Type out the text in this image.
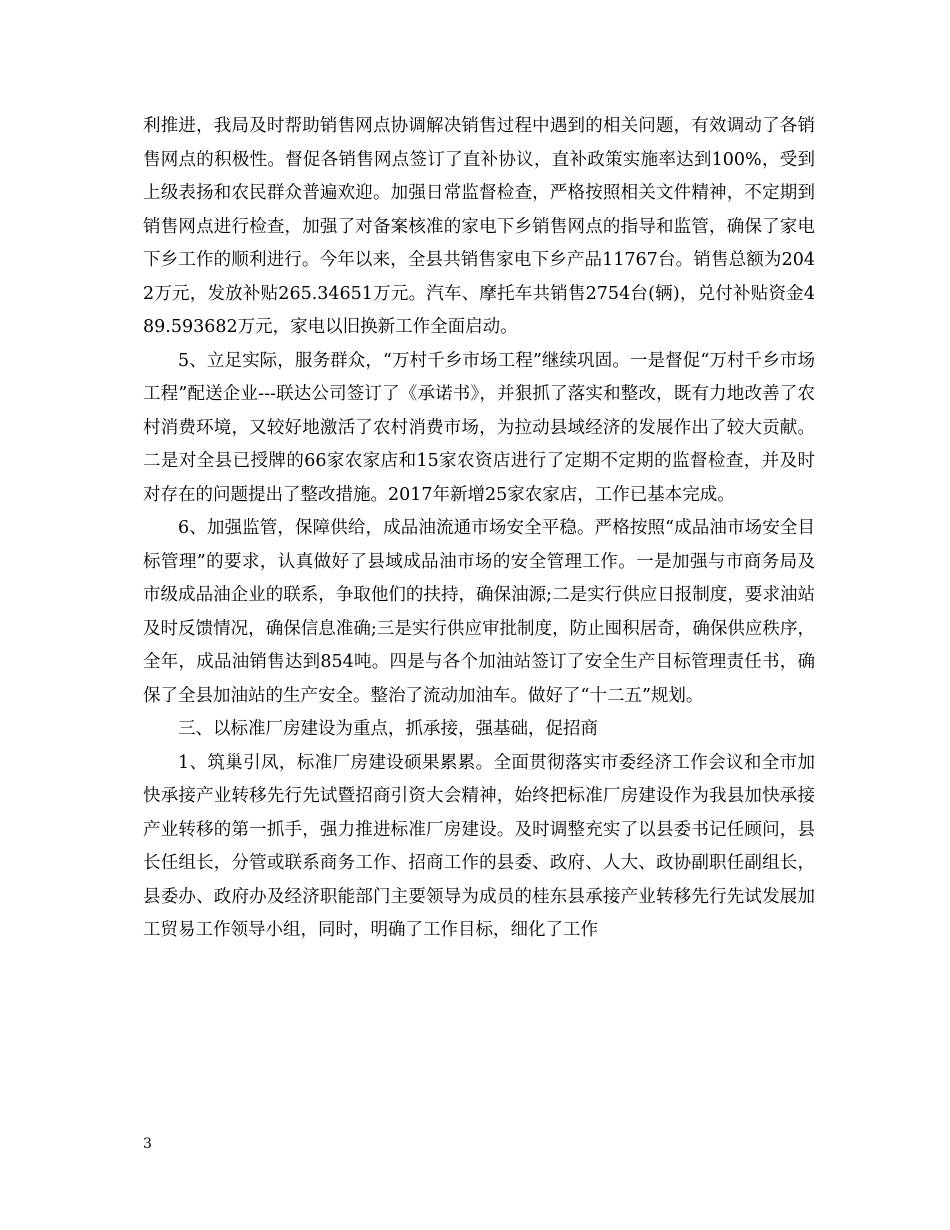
利推进，我局及时帮助销售网点协调解决销售过程中遇到的相关问题，有效调动了各销售网点的积极性。督促各销售网点签订了直补协议，直补政策实施率达到100%，受到上级表扬和农民群众普遍欢迎。加强日常监督检查，严格按照相关文件精神，不定期到销售网点进行检查，加强了对备案核准的家电下乡销售网点的指导和监管，确保了家电下乡工作的顺利进行。今年以来，全县共销售家电下乡产品11767台。销售总额为2042万元，发放补贴265.34651万元。汽车、摩托车共销售2754台(辆)，兑付补贴资金489.593682万元，家电以旧换新工作全面启动。

5、立足实际，服务群众，“万村千乡市场工程”继续巩固。一是督促“万村千乡市场工程”配送企业---联达公司签订了《承诺书》，并狠抓了落实和整改，既有力地改善了农村消费环境，又较好地激活了农村消费市场，为拉动县域经济的发展作出了较大贡献。二是对全县已授牌的66家农家店和15家农资店进行了定期不定期的监督检查，并及时对存在的问题提出了整改措施。2017年新增25家农家店，工作已基本完成。

6、加强监管，保障供给，成品油流通市场安全平稳。严格按照“成品油市场安全目标管理”的要求，认真做好了县域成品油市场的安全管理工作。一是加强与市商务局及市级成品油企业的联系，争取他们的扶持，确保油源;二是实行供应日报制度，要求油站及时反馈情况，确保信息准确;三是实行供应审批制度，防止囤积居奇，确保供应秩序，全年，成品油销售达到854吨。四是与各个加油站签订了安全生产目标管理责任书，确保了全县加油站的生产安全。整治了流动加油车。做好了“十二五”规划。

三、以标准厂房建设为重点，抓承接，强基础，促招商

1、筑巢引凤，标准厂房建设硕果累累。全面贯彻落实市委经济工作会议和全市加快承接产业转移先行先试暨招商引资大会精神，始终把标准厂房建设作为我县加快承接产业转移的第一抓手，强力推进标准厂房建设。及时调整充实了以县委书记任顾问，县长任组长，分管或联系商务工作、招商工作的县委、政府、人大、政协副职任副组长，县委办、政府办及经济职能部门主要领导为成员的桂东县承接产业转移先行先试发展加工贸易工作领导小组，同时，明确了工作目标，细化了工作

3
